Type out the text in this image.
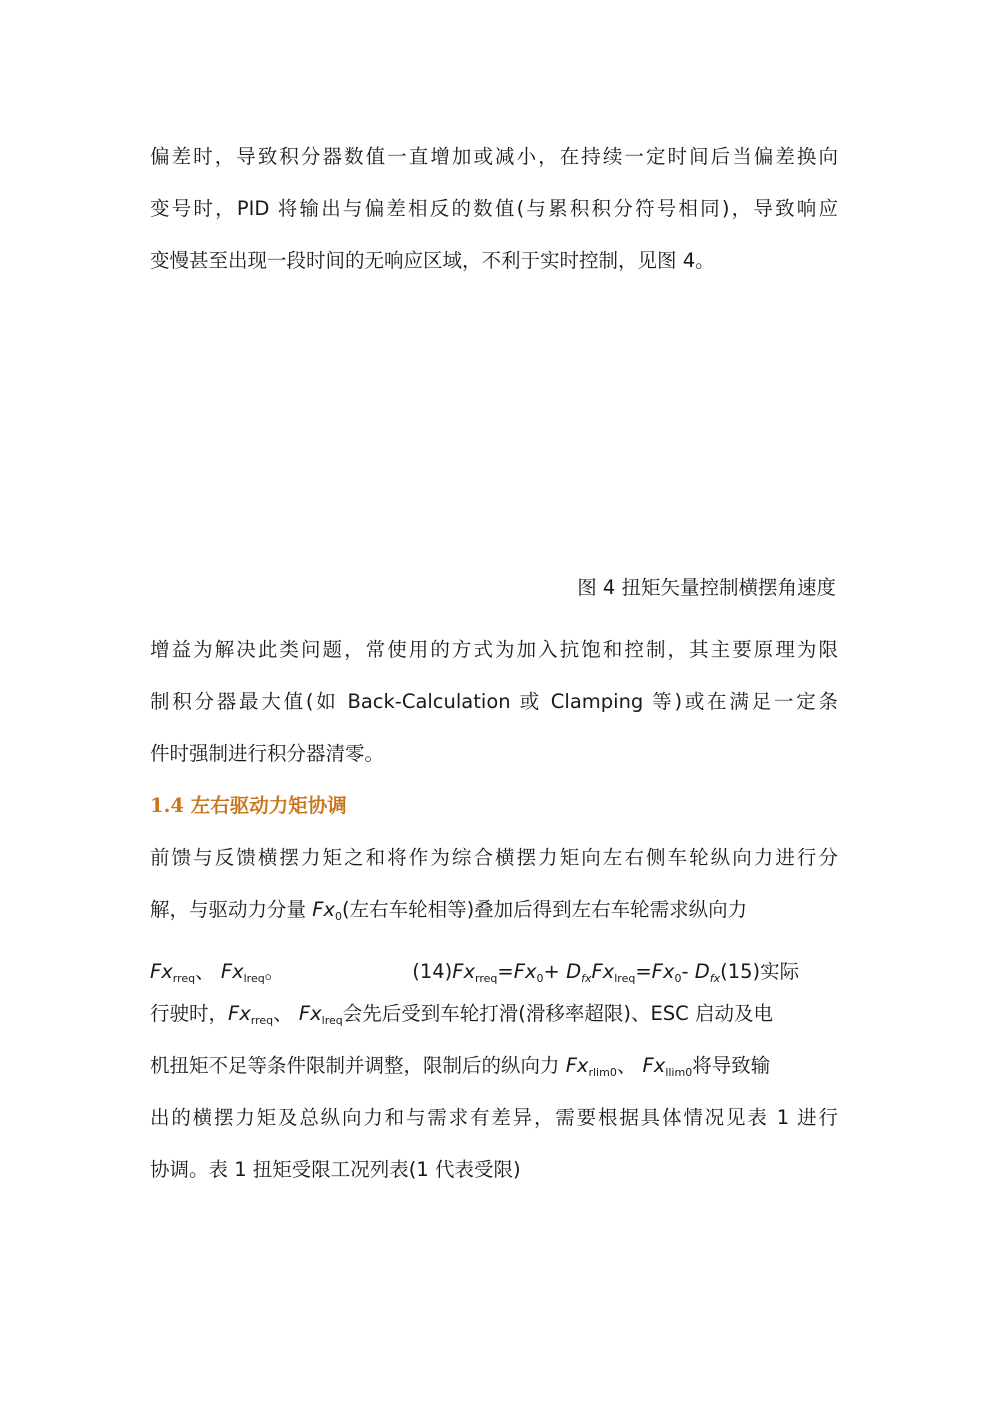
偏差时，导致积分器数值一直增加或减小，在持续一定时间后当偏差换向
变号时，PID 将输出与偏差相反的数值(与累积积分符号相同)，导致响应
变慢甚至出现一段时间的无响应区域，不利于实时控制，见图 4。
图 4 扭矩矢量控制横摆角速度
增益为解决此类问题，常使用的方式为加入抗饱和控制，其主要原理为限
制积分器最大值(如 Back-Calculation 或 Clamping 等)或在满足一定条
件时强制进行积分器清零。
1.4 左右驱动力矩协调
前馈与反馈横摆力矩之和将作为综合横摆力矩向左右侧车轮纵向力进行分
解，与驱动力分量 $Fx_0$(左右车轮相等)叠加后得到左右车轮需求纵向力
$Fx_{rreq}$、 $Fx_{lreq}$。	$(14)Fx_{rreq}=Fx_0+ D_{fx}Fx_{lreq}=Fx_0-$ $D_{fx}(15)$实际
行驶时，$Fx_{rreq}$、 $Fx_{lreq}$会先后受到车轮打滑(滑移率超限)、ESC 启动及电
机扭矩不足等条件限制并调整，限制后的纵向力 $Fx_{rlim0}$、 $Fx_{llim0}$将导致输
出的横摆力矩及总纵向力和与需求有差异，需要根据具体情况见表 1 进行
协调。表 1 扭矩受限工况列表(1 代表受限)
